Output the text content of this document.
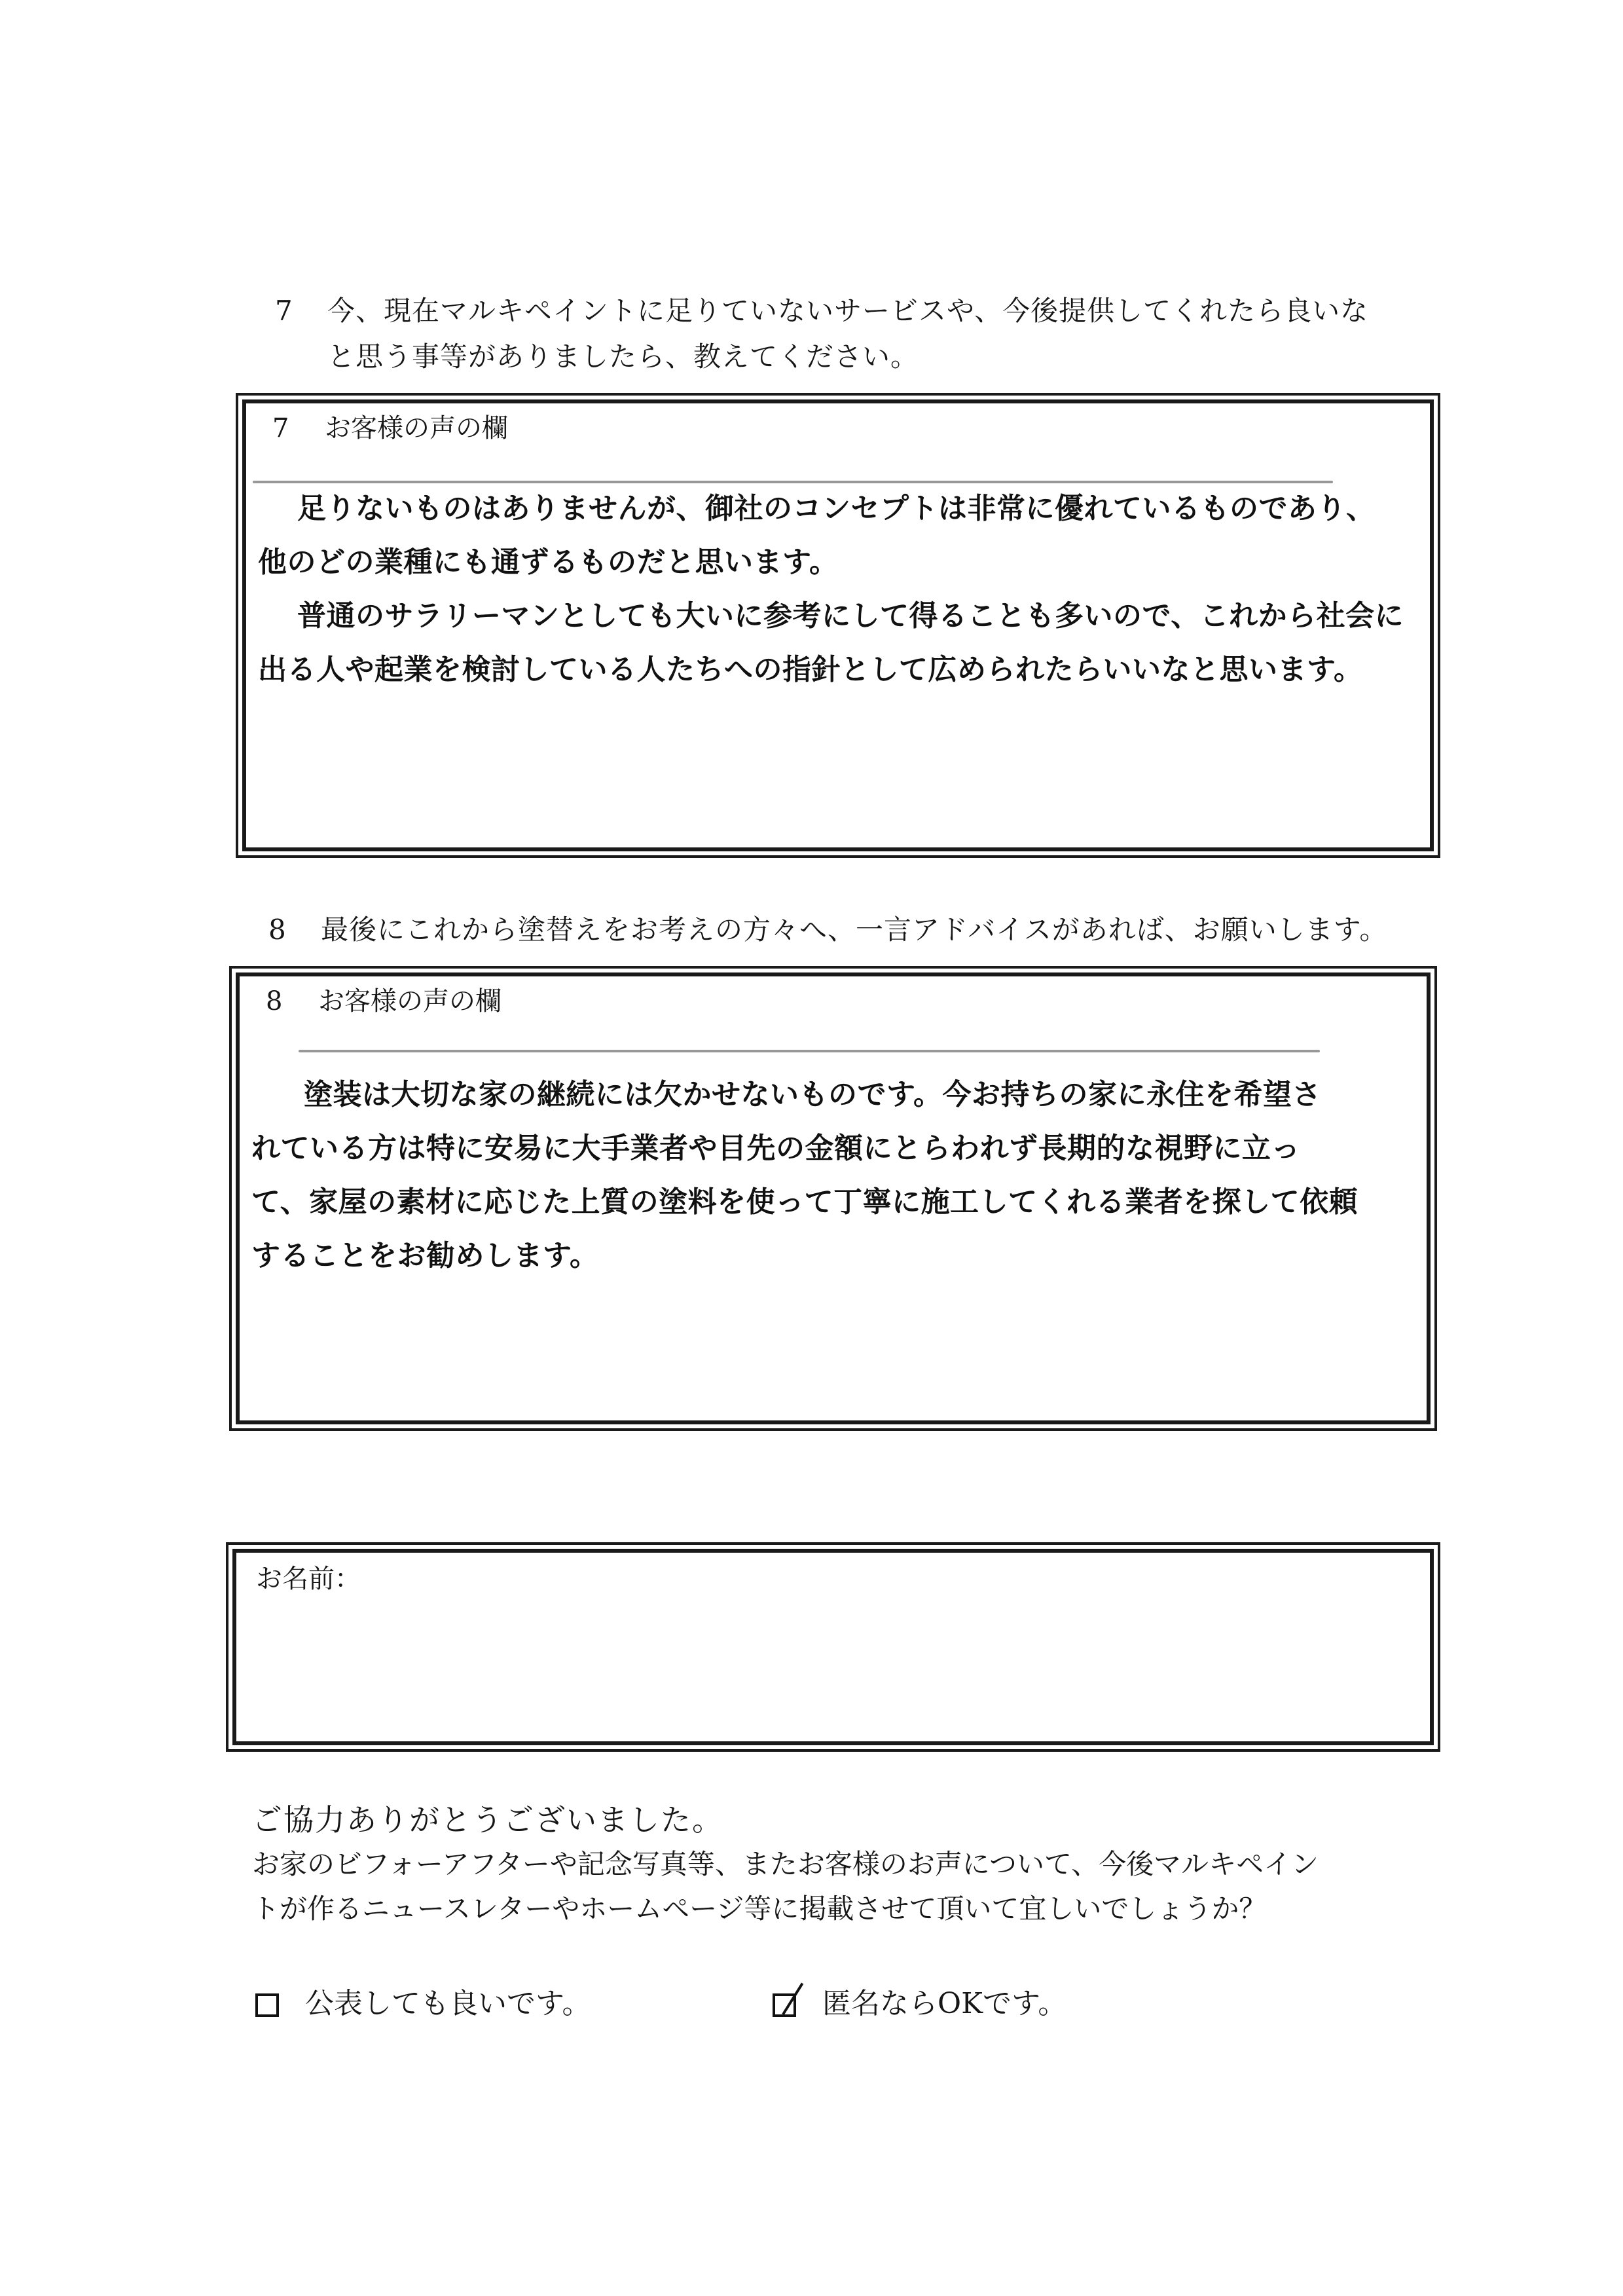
7 今、現在マルキペイントに足りていないサービスや、今後提供してくれたら良いな
と思う事等がありましたら、教えてください。
7 お客様の声の欄

足りないものはありませんが、御社のコンセプトは非常に優れているものであり、

他のどの業種にも通ずるものだと思います。

普通のサラリーマンとしても大いに参考にして得ることも多いので、これから社会に

出る人や起業を検討している人たちへの指針として広められたらいいなと思います。

8 最後にこれから塗替えをお考えの方々へ、一言アドバイスがあれば、お願いします。
8 お客様の声の欄

塗装は大切な家の継続には欠かせないものです。今お持ちの家に永住を希望さ

れている方は特に安易に大手業者や目先の金額にとらわれず長期的な視野に立っ

て、家屋の素材に応じた上質の塗料を使って丁寧に施工してくれる業者を探して依頼

することをお勧めします。

お名前：
ご協力ありがとうございました。
お家のビフォーアフターや記念写真等、またお客様のお声について、今後マルキペイン
トが作るニュースレターやホームページ等に掲載させて頂いて宜しいでしょうか？
公表しても良いです。	匿名ならOKです。
